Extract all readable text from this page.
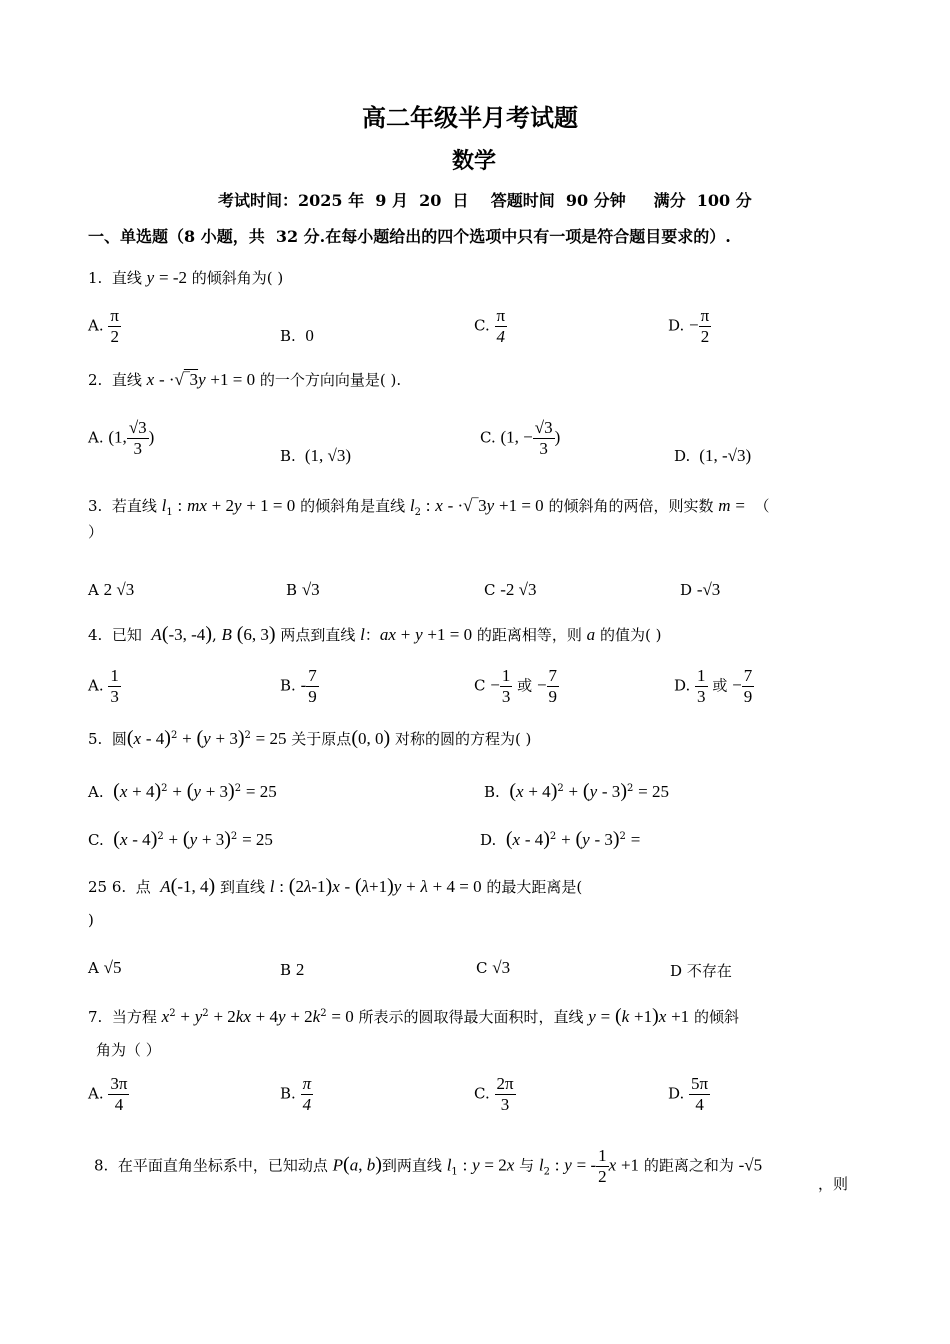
高二年级半月考试题
数学
考试时间：2025 年  9 月  20  日    答题时间  90 分钟     满分  100 分
一、单选题（8 小题，共  32 分.在每小题给出的四个选项中只有一项是符合题目要求的）.
1. 直线 y = -2 的倾斜角为( )
A. $\frac{\pi}{2}$	B. 0
C. $\frac{\pi}{4}$	D. − $\frac{\pi}{2}$
2. 直线 x - ·√‾3y +1 = 0 的一个方向向量是( ).
A. (1, $\frac{√3}{3}$ )
B.  (1, √3)
C. (1, − $\frac{√3}{3}$ )
D.  (1, -√3)
3. 若直线 $l_1$ : mx + 2y + 1 = 0 的倾斜角是直线 $l_2$ : x - ·√‾3y +1 = 0 的倾斜角的两倍，则实数 m = （
）
A 2 √3	B √3	C -2 √3	D -√3
4. 已知 A(-3, -4), B (6, 3) 两点到直线 l：ax + y +1 = 0 的距离相等，则 a 的值为( )
A. $\frac{1}{3}$	B. - $\frac{7}{9}$	$C - \frac{1}{3}$ 或 − $\frac{7}{9}$	D. $\frac{1}{3}$ 或 − $\frac{7}{9}$
5. 圆$(x - 4)^2 + (y + 3)^2 = 25$ 关于原点(0, 0) 对称的圆的方程为( )
A. $(x + 4)^2 + (y + 3)^2 = 25$	B. $(x + 4)^2 + (y - 3)^2 = 25$
C. $(x - 4)^2 + (y + 3)^2 = 25$	D. (x - 4)$^2$ + (y - 3)$^2$ =
25 6. 点 A(-1, 4) 到直线 l : (2λ-1)x - (λ+1)y + λ + 4 = 0 的最大距离是(
)
A √5	B 2	C √3	D 不存在
7. 当方程 $x^2 + y^2 + 2kx + 4y + 2k^2 = 0$ 所表示的圆取得最大面积时，直线 y = (k +1)x +1 的倾斜
角为（ ）
A. $\frac{3\pi}{4}$	B. $\frac{\pi}{4}$	C. $\frac{2\pi}{3}$	D. $\frac{5\pi}{4}$
8. 在平面直角坐标系中，已知动点 P(a, b)到两直线 $l_1$ : y = 2x 与 $l_2$ : y = - $\frac{1}{2}$ x +1 的距离之和为 -√5
，则
